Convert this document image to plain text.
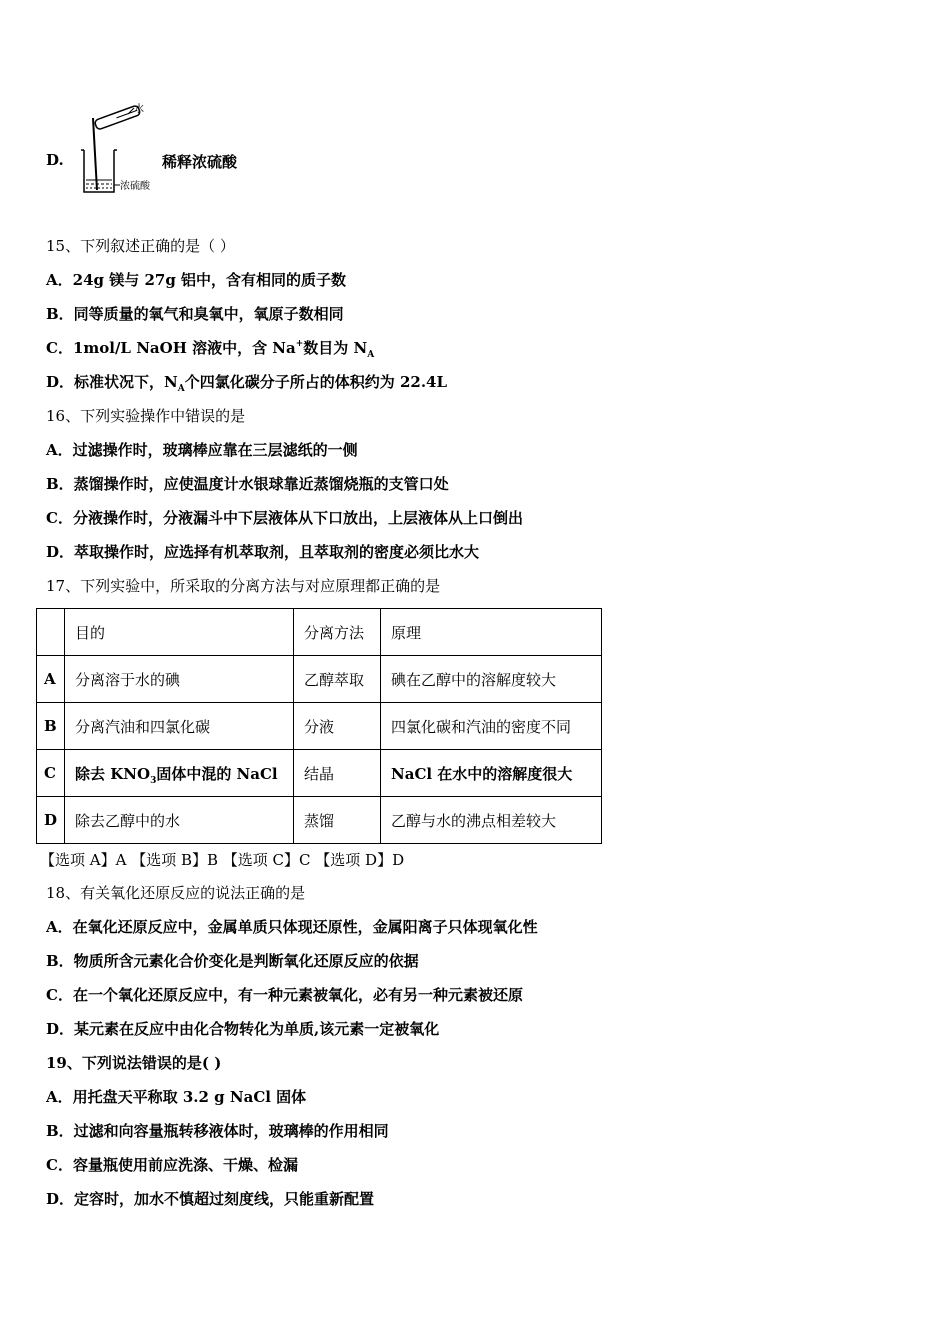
D.
水
浓硫酸
稀释浓硫酸
15、下列叙述正确的是（ ）
A．24g 镁与 27g 铝中，含有相同的质子数
B．同等质量的氧气和臭氧中，氧原子数相同
C．1mol/L NaOH 溶液中，含 Na+数目为 $N_A$
D．标准状况下，$N_A$个四氯化碳分子所占的体积约为 22.4L
16、下列实验操作中错误的是
A．过滤操作时，玻璃棒应靠在三层滤纸的一侧
B．蒸馏操作时，应使温度计水银球靠近蒸馏烧瓶的支管口处
C．分液操作时，分液漏斗中下层液体从下口放出，上层液体从上口倒出
D．萃取操作时，应选择有机萃取剂，且萃取剂的密度必须比水大
17、下列实验中，所采取的分离方法与对应原理都正确的是
	目的	分离方法	原理
A	分离溶于水的碘	乙醇萃取	碘在乙醇中的溶解度较大
B	分离汽油和四氯化碳	分液	四氯化碳和汽油的密度不同
C	除去 $KNO_3$固体中混的 NaCl	结晶	NaCl 在水中的溶解度很大
D	除去乙醇中的水	蒸馏	乙醇与水的沸点相差较大
【选项 A】A 【选项 B】B 【选项 C】C 【选项 D】D
18、有关氧化还原反应的说法正确的是
A．在氧化还原反应中，金属单质只体现还原性，金属阳离子只体现氧化性
B．物质所含元素化合价变化是判断氧化还原反应的依据
C．在一个氧化还原反应中，有一种元素被氧化，必有另一种元素被还原
D．某元素在反应中由化合物转化为单质,该元素一定被氧化
19、下列说法错误的是( )
A．用托盘天平称取 3.2 g NaCl 固体
B．过滤和向容量瓶转移液体时，玻璃棒的作用相同
C．容量瓶使用前应洗涤、干燥、检漏
D．定容时，加水不慎超过刻度线，只能重新配置
